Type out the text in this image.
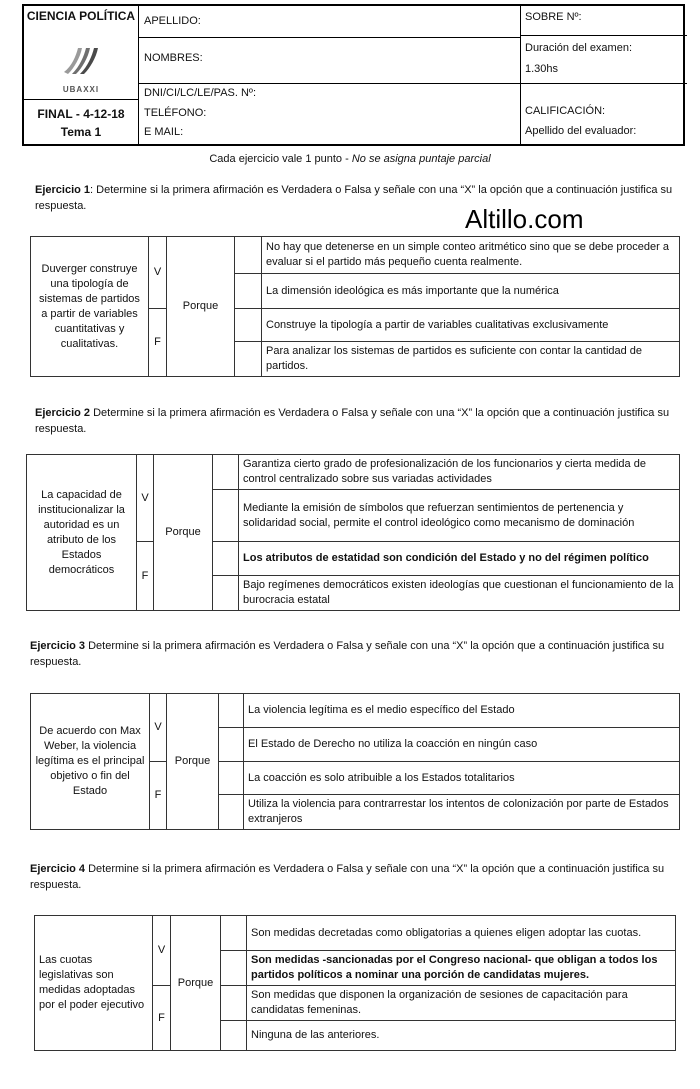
CIENCIA POLÍTICA
UBAXXI
FINAL - 4-12-18
Tema 1
APELLIDO:
NOMBRES:
DNI/CI/LC/LE/PAS. Nº:
TELÉFONO:
E MAIL:
SOBRE Nº:
Duración del examen:
1.30hs
CALIFICACIÓN:
Apellido del evaluador:
Cada ejercicio vale 1 punto - No se asigna puntaje parcial
Ejercicio 1: Determine si la primera afirmación es Verdadera o Falsa y señale con una “X” la opción que a continuación justifica su respuesta.	Altillo.com
Duverger construye una tipología de sistemas de partidos a partir de variables cuantitativas y cualitativas.	V	Porque		No hay que detenerse en un simple conteo aritmético sino que se debe proceder a evaluar si el partido más pequeño cuenta realmente.
				La dimensión ideológica es más importante que la numérica
	F			Construye la tipología a partir de variables cualitativas exclusivamente
				Para analizar los sistemas de partidos es suficiente con contar la cantidad de partidos.
Ejercicio 2 Determine si la primera afirmación es Verdadera o Falsa y señale con una “X” la opción que a continuación justifica su respuesta.
La capacidad de institucionalizar la autoridad es un atributo de los Estados democráticos	V	Porque		Garantiza cierto grado de profesionalización de los funcionarios y cierta medida de control centralizado sobre sus variadas actividades
				Mediante la emisión de símbolos que refuerzan sentimientos de pertenencia y solidaridad social, permite el control ideológico como mecanismo de dominación
	F			Los atributos de estatidad son condición del Estado y no del régimen político
				Bajo regímenes democráticos existen ideologías que cuestionan el funcionamiento de la burocracia estatal
Ejercicio 3 Determine si la primera afirmación es Verdadera o Falsa y señale con una “X” la opción que a continuación justifica su respuesta.
De acuerdo con Max Weber, la violencia legítima es el principal objetivo o fin del Estado	V	Porque		La violencia legítima es el medio específico del Estado
				El Estado de Derecho no utiliza la coacción en ningún caso
	F			La coacción es solo atribuible a los Estados totalitarios
				Utiliza la violencia para contrarrestar los intentos de colonización por parte de Estados extranjeros
Ejercicio 4 Determine si la primera afirmación es Verdadera o Falsa y señale con una “X” la opción que a continuación justifica su respuesta.
Las cuotas legislativas son medidas adoptadas por el poder ejecutivo	V	Porque		Son medidas decretadas como obligatorias a quienes eligen adoptar las cuotas.
				Son medidas -sancionadas por el Congreso nacional- que obligan a todos los partidos políticos a nominar una porción de candidatas mujeres.
	F			Son medidas que disponen la organización de sesiones de capacitación para candidatas femeninas.
				Ninguna de las anteriores.
